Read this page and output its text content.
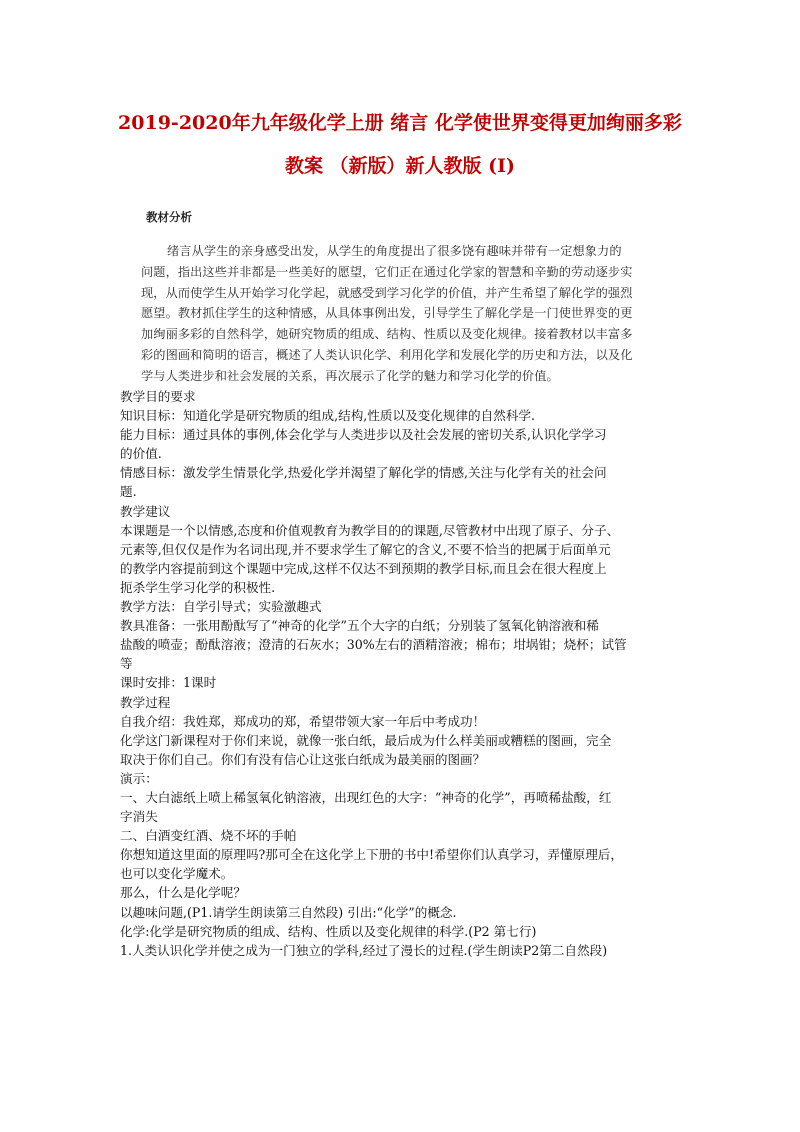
2019-2020年九年级化学上册 绪言 化学使世界变得更加绚丽多彩
教案 （新版）新人教版 (I)
教材分析
绪言从学生的亲身感受出发，从学生的角度提出了很多饶有趣味并带有一定想象力的
问题，指出这些并非都是一些美好的愿望，它们正在通过化学家的智慧和辛勤的劳动逐步实
现，从而使学生从开始学习化学起，就感受到学习化学的价值，并产生希望了解化学的强烈
愿望。教材抓住学生的这种情感，从具体事例出发，引导学生了解化学是一门使世界变的更
加绚丽多彩的自然科学，她研究物质的组成、结构、性质以及变化规律。接着教材以丰富多
彩的图画和简明的语言，概述了人类认识化学、利用化学和发展化学的历史和方法，以及化
学与人类进步和社会发展的关系，再次展示了化学的魅力和学习化学的价值。
教学目的要求
知识目标：知道化学是研究物质的组成,结构,性质以及变化规律的自然科学.
能力目标：通过具体的事例,体会化学与人类进步以及社会发展的密切关系,认识化学学习
的价值.
情感目标：激发学生情景化学,热爱化学并渴望了解化学的情感,关注与化学有关的社会问
题.
教学建议
本课题是一个以情感,态度和价值观教育为教学目的的课题,尽管教材中出现了原子、分子、
元素等,但仅仅是作为名词出现,并不要求学生了解它的含义,不要不恰当的把属于后面单元
的教学内容提前到这个课题中完成,这样不仅达不到预期的教学目标,而且会在很大程度上
扼杀学生学习化学的积极性.
教学方法：自学引导式；实验激趣式
教具准备：一张用酚酞写了“神奇的化学”五个大字的白纸；分别装了氢氧化钠溶液和稀
盐酸的喷壶；酚酞溶液；澄清的石灰水；30%左右的酒精溶液；棉布；坩埚钳；烧杯；试管
等
课时安排：1课时
教学过程
自我介绍：我姓郑，郑成功的郑，希望带领大家一年后中考成功！
化学这门新课程对于你们来说，就像一张白纸，最后成为什么样美丽或糟糕的图画，完全
取决于你们自己。你们有没有信心让这张白纸成为最美丽的图画？
演示：
一、大白滤纸上喷上稀氢氧化钠溶液，出现红色的大字：“神奇的化学”，再喷稀盐酸，红
字消失
二、白酒变红酒、烧不坏的手帕
你想知道这里面的原理吗?那可全在这化学上下册的书中!希望你们认真学习，弄懂原理后，
也可以变化学魔术。
那么，什么是化学呢？
以趣味问题,(P1.请学生朗读第三自然段) 引出:“化学”的概念.
化学:化学是研究物质的组成、结构、性质以及变化规律的科学.(P2 第七行)
1.人类认识化学并使之成为一门独立的学科,经过了漫长的过程.(学生朗读P2第二自然段)
